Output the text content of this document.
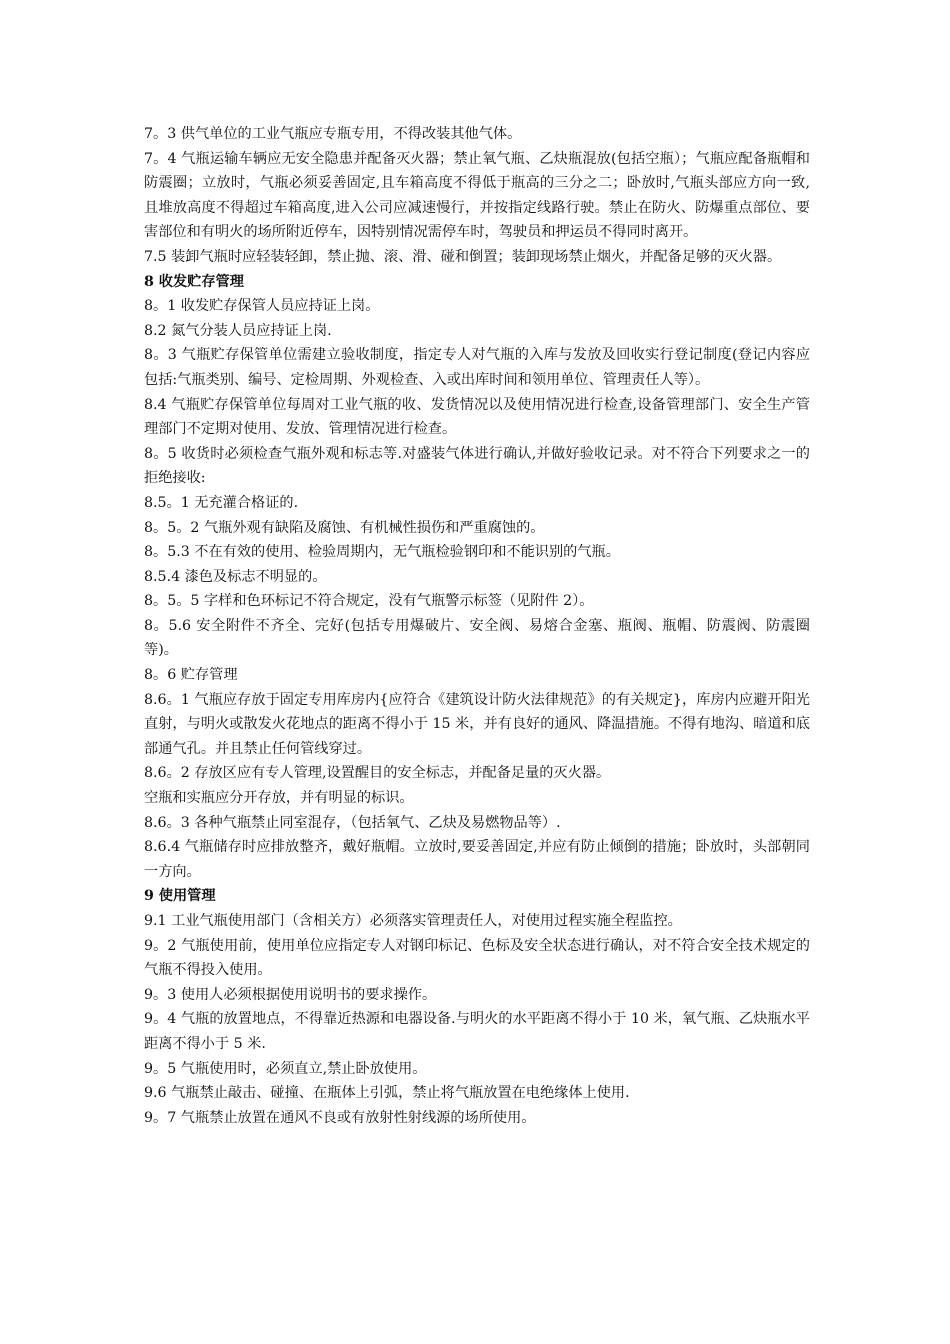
7。3 供气单位的工业气瓶应专瓶专用，不得改装其他气体。

7。4 气瓶运输车辆应无安全隐患并配备灭火器；禁止氧气瓶、乙炔瓶混放(包括空瓶）；气瓶应配备瓶帽和防震圈；立放时，气瓶必须妥善固定,且车箱高度不得低于瓶高的三分之二；卧放时,气瓶头部应方向一致,且堆放高度不得超过车箱高度,进入公司应减速慢行，并按指定线路行驶。禁止在防火、防爆重点部位、要害部位和有明火的场所附近停车，因特别情况需停车时，驾驶员和押运员不得同时离开。

7.5 装卸气瓶时应轻装轻卸，禁止抛、滚、滑、碰和倒置；装卸现场禁止烟火，并配备足够的灭火器。

8 收发贮存管理

8。1 收发贮存保管人员应持证上岗。

8.2 氮气分装人员应持证上岗.

8。3 气瓶贮存保管单位需建立验收制度，指定专人对气瓶的入库与发放及回收实行登记制度(登记内容应包括:气瓶类别、编号、定检周期、外观检查、入或出库时间和领用单位、管理责任人等）。

8.4 气瓶贮存保管单位每周对工业气瓶的收、发货情况以及使用情况进行检查,设备管理部门、安全生产管理部门不定期对使用、发放、管理情况进行检查。

8。5 收货时必须检查气瓶外观和标志等.对盛装气体进行确认,并做好验收记录。对不符合下列要求之一的拒绝接收:

8.5。1 无充灌合格证的.

8。5。2 气瓶外观有缺陷及腐蚀、有机械性损伤和严重腐蚀的。

8。5.3 不在有效的使用、检验周期内，无气瓶检验钢印和不能识别的气瓶。

8.5.4 漆色及标志不明显的。

8。5。5 字样和色环标记不符合规定，没有气瓶警示标签（见附件 2）。

8。5.6 安全附件不齐全、完好(包括专用爆破片、安全阀、易熔合金塞、瓶阀、瓶帽、防震阀、防震圈等)。

8。6 贮存管理

8.6。1 气瓶应存放于固定专用库房内{应符合《建筑设计防火法律规范》的有关规定}，库房内应避开阳光直射，与明火或散发火花地点的距离不得小于 15 米，并有良好的通风、降温措施。不得有地沟、暗道和底部通气孔。并且禁止任何管线穿过。

8.6。2 存放区应有专人管理,设置醒目的安全标志，并配备足量的灭火器。

空瓶和实瓶应分开存放，并有明显的标识。

8.6。3 各种气瓶禁止同室混存，（包括氧气、乙炔及易燃物品等）.

8.6.4 气瓶储存时应排放整齐，戴好瓶帽。立放时,要妥善固定,并应有防止倾倒的措施；卧放时，头部朝同一方向。

9 使用管理

9.1 工业气瓶使用部门（含相关方）必须落实管理责任人，对使用过程实施全程监控。

9。2 气瓶使用前，使用单位应指定专人对钢印标记、色标及安全状态进行确认，对不符合安全技术规定的气瓶不得投入使用。

9。3 使用人必须根据使用说明书的要求操作。

9。4 气瓶的放置地点，不得靠近热源和电器设备.与明火的水平距离不得小于 10 米，氧气瓶、乙炔瓶水平距离不得小于 5 米.

9。5 气瓶使用时，必须直立,禁止卧放使用。

9.6 气瓶禁止敲击、碰撞、在瓶体上引弧，禁止将气瓶放置在电绝缘体上使用.

9。7 气瓶禁止放置在通风不良或有放射性射线源的场所使用。
